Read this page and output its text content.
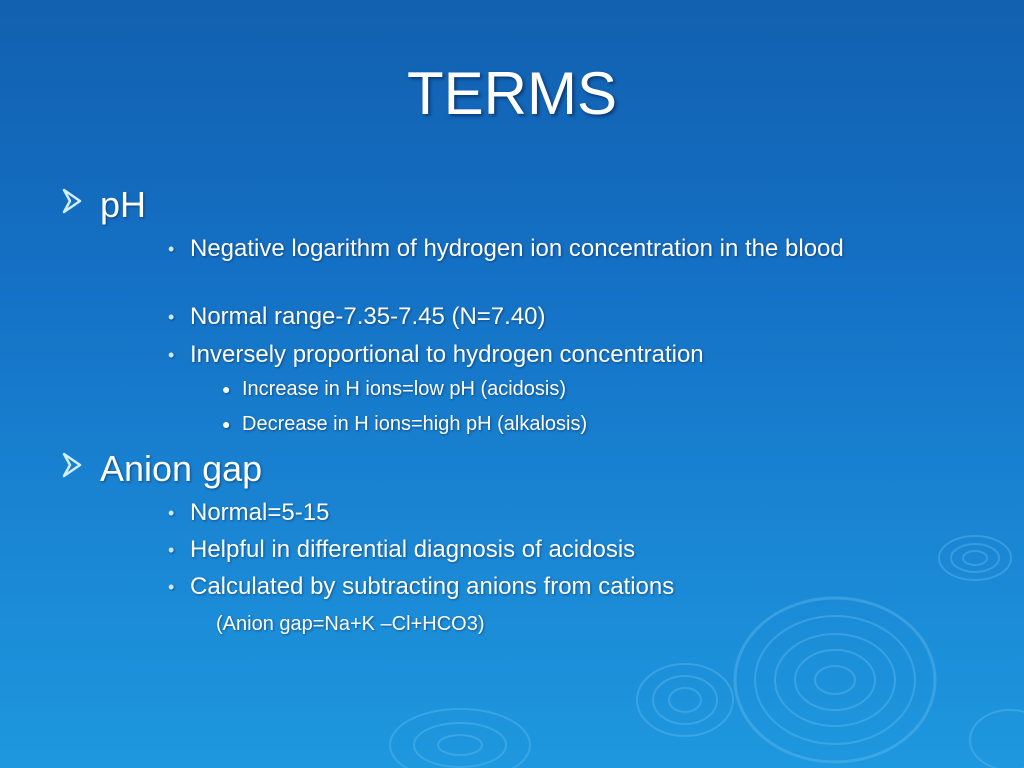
TERMS
pH
• Negative logarithm of hydrogen ion concentration in the blood
• Normal range-7.35-7.45 (N=7.40)
• Inversely proportional to hydrogen concentration
● Increase in H ions=low pH (acidosis)
● Decrease in H ions=high pH (alkalosis)
Anion gap
• Normal=5-15
• Helpful in differential diagnosis of acidosis
• Calculated by subtracting anions from cations
(Anion gap=Na+K –Cl+HCO3)
